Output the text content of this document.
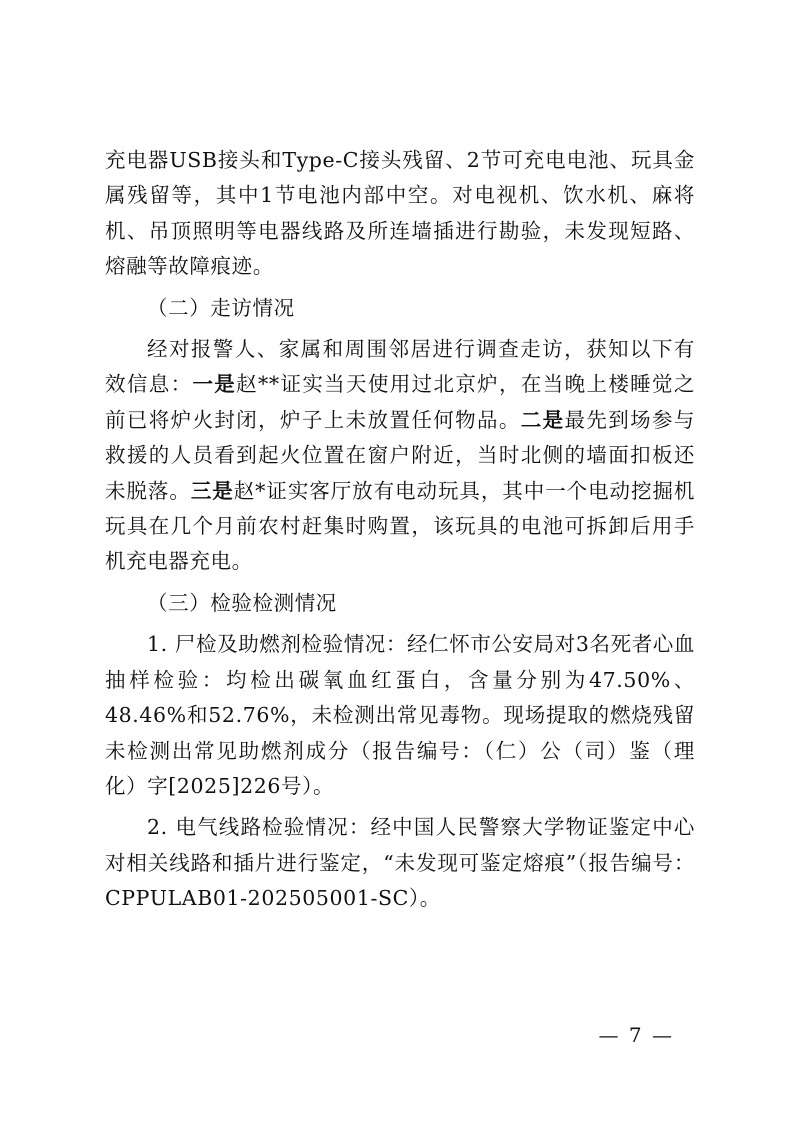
充电器USB接头和Type-C接头残留、2节可充电电池、玩具金属残留等，其中1节电池内部中空。对电视机、饮水机、麻将机、吊顶照明等电器线路及所连墙插进行勘验，未发现短路、熔融等故障痕迹。

（二）走访情况

经对报警人、家属和周围邻居进行调查走访，获知以下有效信息：一是赵**证实当天使用过北京炉，在当晚上楼睡觉之前已将炉火封闭，炉子上未放置任何物品。二是最先到场参与救援的人员看到起火位置在窗户附近，当时北侧的墙面扣板还未脱落。三是赵*证实客厅放有电动玩具，其中一个电动挖掘机玩具在几个月前农村赶集时购置，该玩具的电池可拆卸后用手机充电器充电。

（三）检验检测情况

1. 尸检及助燃剂检验情况：经仁怀市公安局对3名死者心血抽样检验：均检出碳氧血红蛋白，含量分别为47.50%、48.46%和52.76%，未检测出常见毒物。现场提取的燃烧残留未检测出常见助燃剂成分（报告编号：（仁）公（司）鉴（理化）字[2025]226号）。

2. 电气线路检验情况：经中国人民警察大学物证鉴定中心对相关线路和插片进行鉴定，“未发现可鉴定熔痕”（报告编号：CPPULAB01-202505001-SC）。

— 7 —
